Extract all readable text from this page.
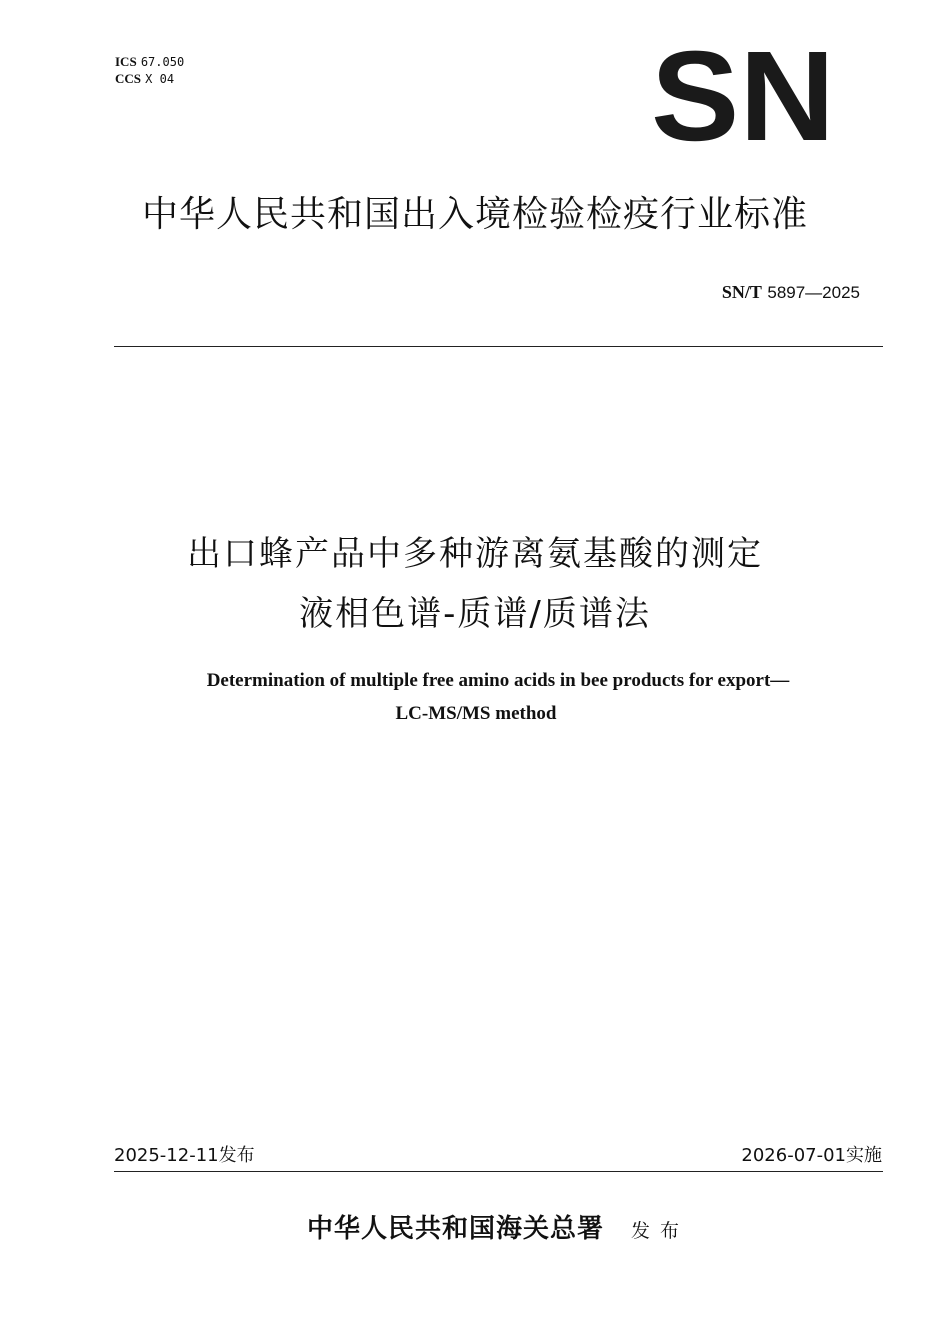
ICS 67.050
CCS X 04	SN
中华人民共和国出入境检验检疫行业标准
SN/T 5897—2025
出口蜂产品中多种游离氨基酸的测定
液相色谱-质谱/质谱法
Determination of multiple free amino acids in bee products for export—
LC-MS/MS method
2025-12-11发布	2026-07-01实施
中华人民共和国海关总署 发布
